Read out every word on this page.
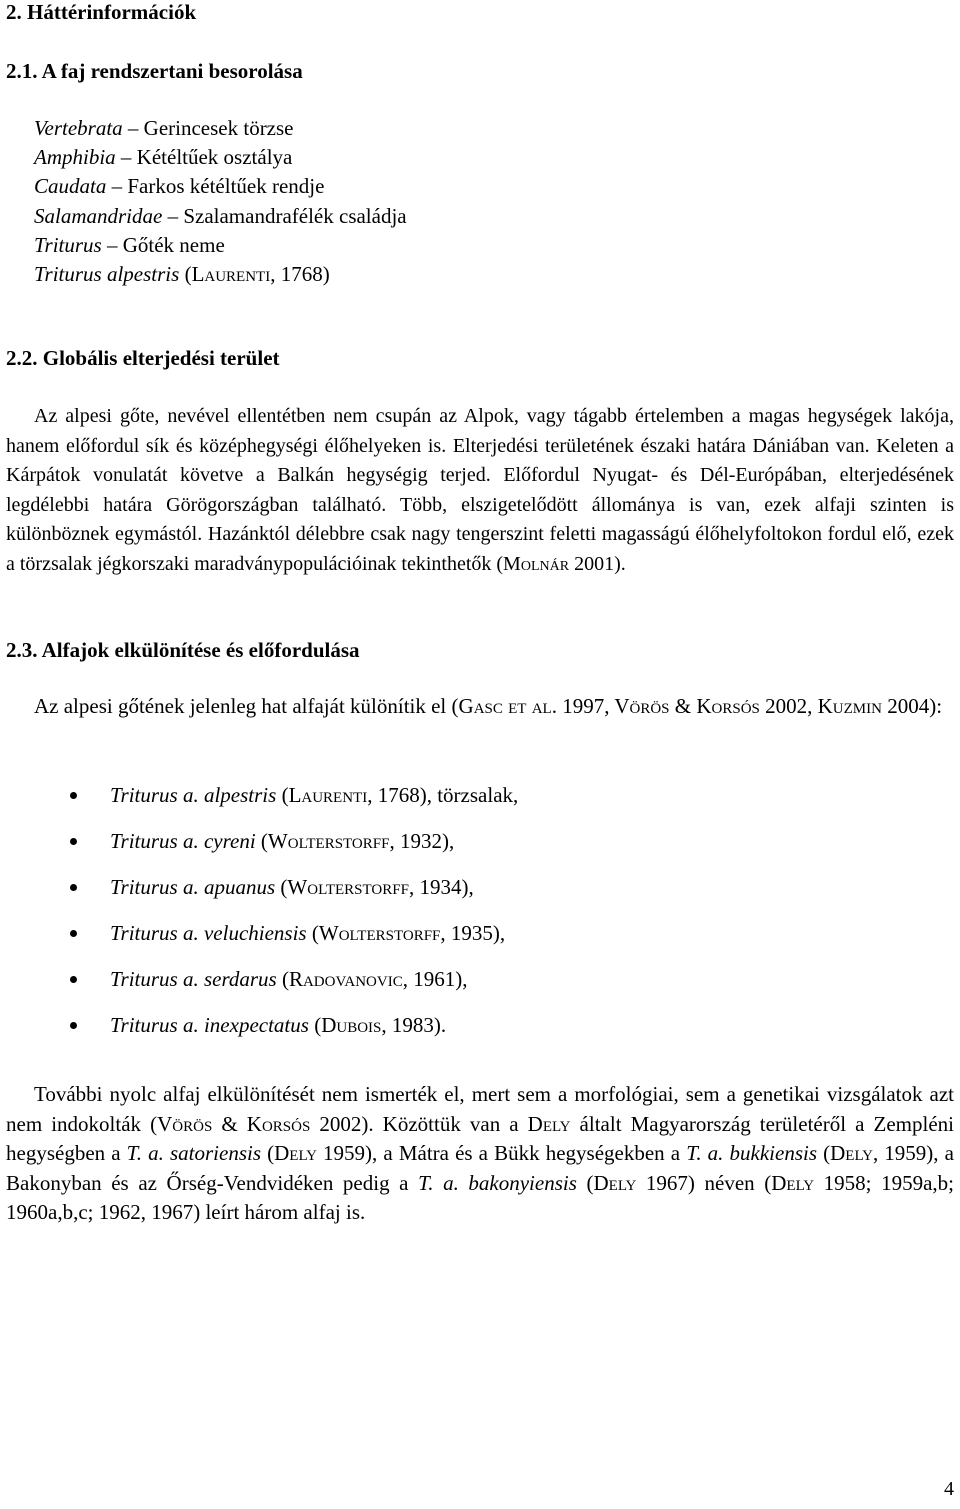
2. Háttérinformációk
2.1. A faj rendszertani besorolása
Vertebrata – Gerincesek törzse
Amphibia – Kétéltűek osztálya
Caudata – Farkos kétéltűek rendje
Salamandridae – Szalamandrafélék családja
Triturus – Gőték neme
Triturus alpestris (Laurenti, 1768)
2.2. Globális elterjedési terület

Az alpesi gőte, nevével ellentétben nem csupán az Alpok, vagy tágabb értelemben a magas hegységek lakója, hanem előfordul sík és középhegységi élőhelyeken is. Elterjedési területének északi határa Dániában van. Keleten a Kárpátok vonulatát követve a Balkán hegységig terjed. Előfordul Nyugat- és Dél-Európában, elterjedésének legdélebbi határa Görögországban található. Több, elszigetelődött állománya is van, ezek alfaji szinten is különböznek egymástól. Hazánktól délebbre csak nagy tengerszint feletti magasságú élőhelyfoltokon fordul elő, ezek a törzsalak jégkorszaki maradványpopulációinak tekinthetők (Molnár 2001).

2.3. Alfajok elkülönítése és előfordulása

Az alpesi gőtének jelenleg hat alfaját különítik el (Gasc et al. 1997, Vörös & Korsós 2002, Kuzmin 2004):

Triturus a. alpestris (Laurenti, 1768), törzsalak,
Triturus a. cyreni (Wolterstorff, 1932),
Triturus a. apuanus (Wolterstorff, 1934),
Triturus a. veluchiensis (Wolterstorff, 1935),
Triturus a. serdarus (Radovanovic, 1961),
Triturus a. inexpectatus (Dubois, 1983).

További nyolc alfaj elkülönítését nem ismerték el, mert sem a morfológiai, sem a genetikai vizsgálatok azt nem indokolták (Vörös & Korsós 2002). Közöttük van a Dely általt Magyarország területéről a Zempléni hegységben a T. a. satoriensis (Dely 1959), a Mátra és a Bükk hegységekben a T. a. bukkiensis (Dely, 1959), a Bakonyban és az Őrség-Vendvidéken pedig a T. a. bakonyiensis (Dely 1967) néven (Dely 1958; 1959a,b; 1960a,b,c; 1962, 1967) leírt három alfaj is.

4
